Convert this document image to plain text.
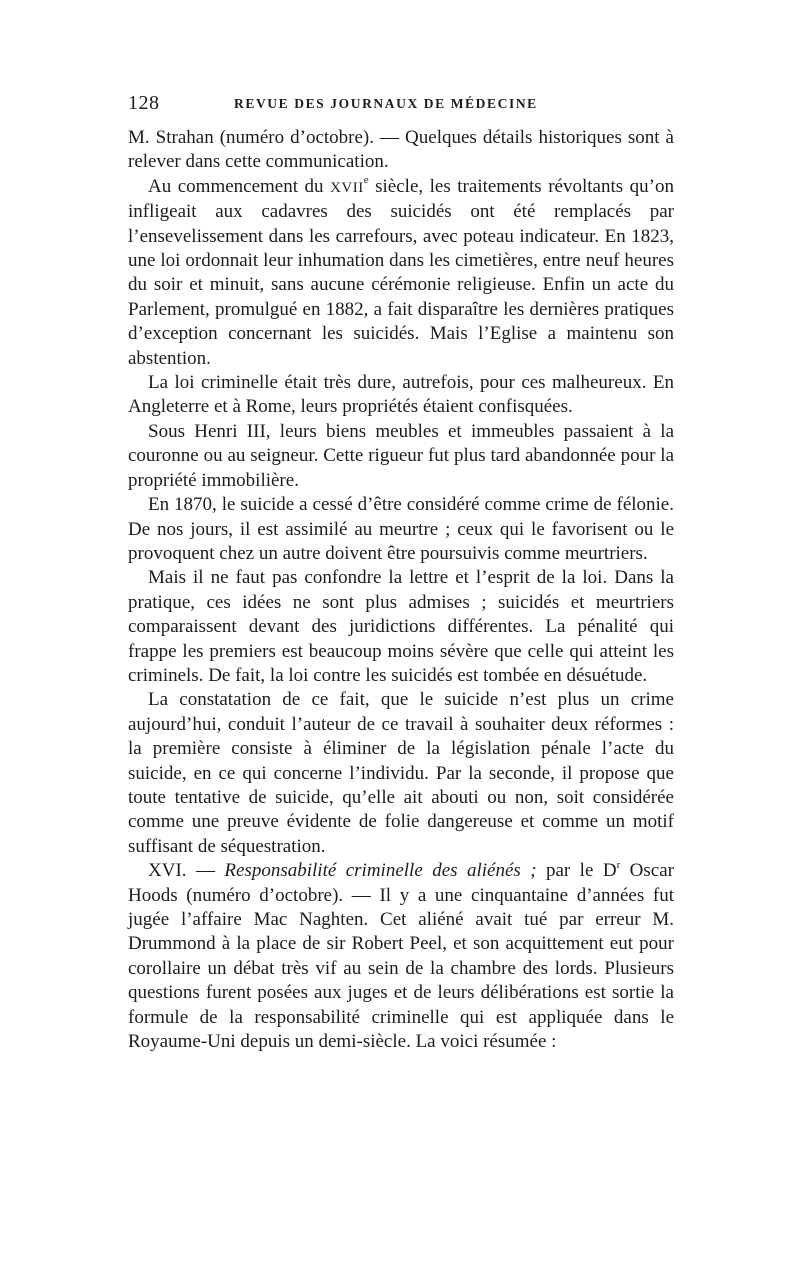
128	REVUE DES JOURNAUX DE MÉDECINE

M. Strahan (numéro d’octobre). — Quelques détails historiques sont à relever dans cette communication.

Au commencement du XVIIe siècle, les traitements révoltants qu’on infligeait aux cadavres des suicidés ont été remplacés par l’ensevelissement dans les carrefours, avec poteau indicateur. En 1823, une loi ordonnait leur inhumation dans les cimetières, entre neuf heures du soir et minuit, sans aucune cérémonie religieuse. Enfin un acte du Parlement, promulgué en 1882, a fait disparaître les dernières pratiques d’exception concernant les suicidés. Mais l’Eglise a maintenu son abstention.

La loi criminelle était très dure, autrefois, pour ces malheureux. En Angleterre et à Rome, leurs propriétés étaient confisquées.

Sous Henri III, leurs biens meubles et immeubles passaient à la couronne ou au seigneur. Cette rigueur fut plus tard abandonnée pour la propriété immobilière.

En 1870, le suicide a cessé d’être considéré comme crime de félonie. De nos jours, il est assimilé au meurtre ; ceux qui le favorisent ou le provoquent chez un autre doivent être poursuivis comme meurtriers.

Mais il ne faut pas confondre la lettre et l’esprit de la loi. Dans la pratique, ces idées ne sont plus admises ; suicidés et meurtriers comparaissent devant des juridictions différentes. La pénalité qui frappe les premiers est beaucoup moins sévère que celle qui atteint les criminels. De fait, la loi contre les suicidés est tombée en désuétude.

La constatation de ce fait, que le suicide n’est plus un crime aujourd’hui, conduit l’auteur de ce travail à souhaiter deux réformes : la première consiste à éliminer de la législation pénale l’acte du suicide, en ce qui concerne l’individu. Par la seconde, il propose que toute tentative de suicide, qu’elle ait abouti ou non, soit considérée comme une preuve évidente de folie dangereuse et comme un motif suffisant de séquestration.

XVI. — Responsabilité criminelle des aliénés ; par le $D^r$ Oscar Hoods (numéro d’octobre). — Il y a une cinquantaine d’années fut jugée l’affaire Mac Naghten. Cet aliéné avait tué par erreur M. Drummond à la place de sir Robert Peel, et son acquittement eut pour corollaire un débat très vif au sein de la chambre des lords. Plusieurs questions furent posées aux juges et de leurs délibérations est sortie la formule de la responsabilité criminelle qui est appliquée dans le Royaume-Uni depuis un demi-siècle. La voici résumée :
